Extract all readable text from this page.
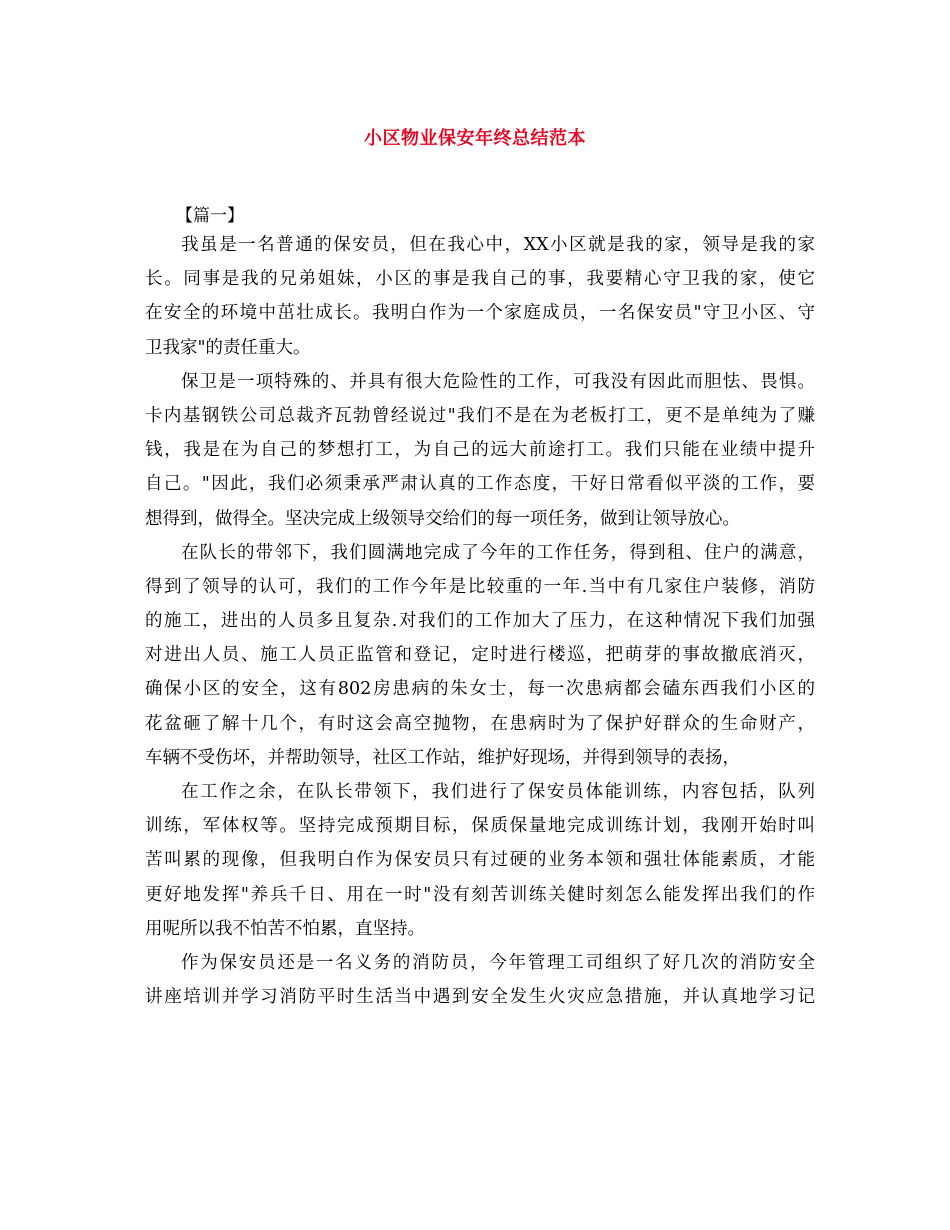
小区物业保安年终总结范本
【篇一】
我虽是一名普通的保安员，但在我心中，XX小区就是我的家，领导是我的家
长。同事是我的兄弟姐妹，小区的事是我自己的事，我要精心守卫我的家，使它
在安全的环境中茁壮成长。我明白作为一个家庭成员，一名保安员"守卫小区、守
卫我家"的责任重大。
保卫是一项特殊的、并具有很大危险性的工作，可我没有因此而胆怯、畏惧。
卡内基钢铁公司总裁齐瓦勃曾经说过"我们不是在为老板打工，更不是单纯为了赚
钱，我是在为自己的梦想打工，为自己的远大前途打工。我们只能在业绩中提升
自己。"因此，我们必须秉承严肃认真的工作态度，干好日常看似平淡的工作，要
想得到，做得全。坚决完成上级领导交给们的每一项任务，做到让领导放心。
在队长的带邻下，我们圆满地完成了今年的工作任务，得到租、住户的满意，
得到了领导的认可，我们的工作今年是比较重的一年.当中有几家住户装修，消防
的施工，进出的人员多且复杂.对我们的工作加大了压力，在这种情况下我们加强
对进出人员、施工人员正监管和登记，定时进行楼巡，把萌芽的事故撤底消灭，
确保小区的安全，这有802房患病的朱女士，每一次患病都会磕东西我们小区的
花盆砸了解十几个，有时这会高空抛物，在患病时为了保护好群众的生命财产，
车辆不受伤坏，并帮助领导，社区工作站，维护好现场，并得到领导的表扬，
在工作之余，在队长带领下，我们进行了保安员体能训练，内容包括，队列
训练，军体权等。坚持完成预期目标，保质保量地完成训练计划，我刚开始时叫
苦叫累的现像，但我明白作为保安员只有过硬的业务本领和强壮体能素质，才能
更好地发挥"养兵千日、用在一时"没有刻苦训练关健时刻怎么能发挥出我们的作
用呢所以我不怕苦不怕累，直坚持。
作为保安员还是一名义务的消防员，今年管理工司组织了好几次的消防安全
讲座培训并学习消防平时生活当中遇到安全发生火灾应急措施，并认真地学习记
